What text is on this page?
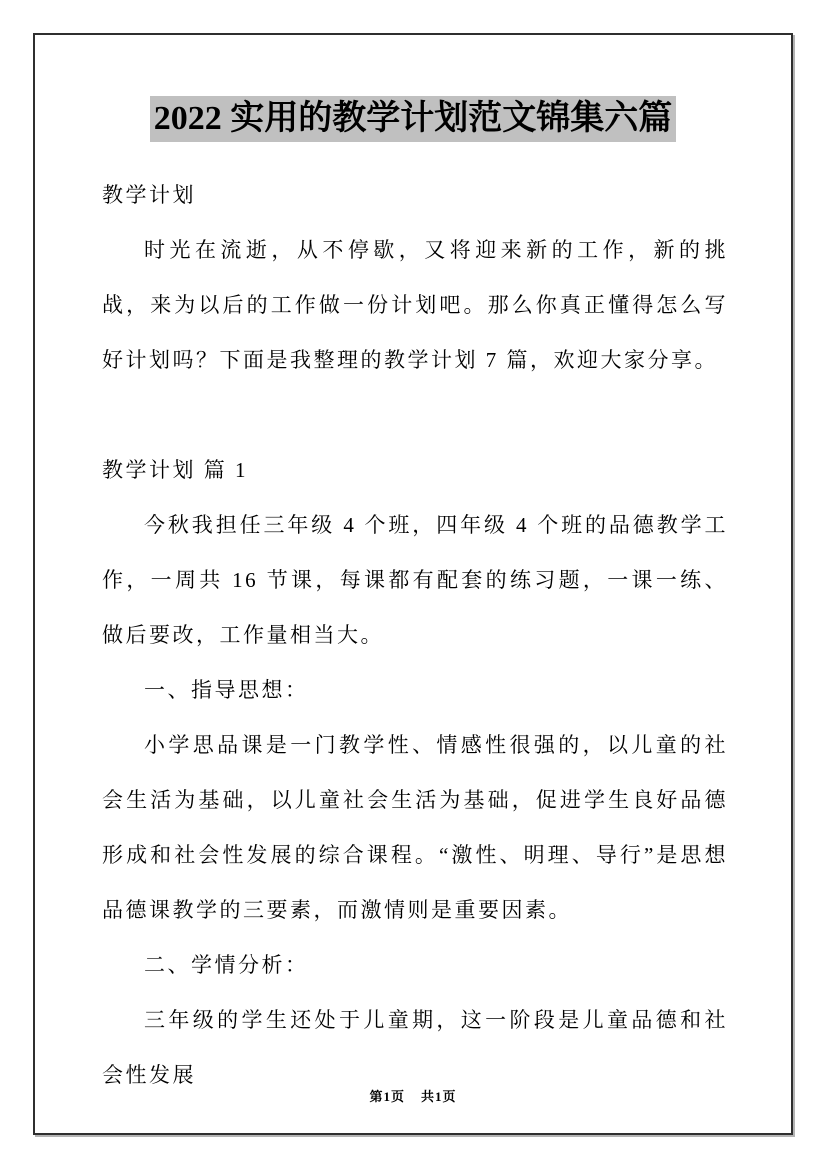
2022 实用的教学计划范文锦集六篇

教学计划

时光在流逝，从不停歇，又将迎来新的工作，新的挑战，来为以后的工作做一份计划吧。那么你真正懂得怎么写好计划吗？下面是我整理的教学计划 7 篇，欢迎大家分享。

教学计划 篇 1

今秋我担任三年级 4 个班，四年级 4 个班的品德教学工作，一周共 16 节课，每课都有配套的练习题，一课一练、做后要改，工作量相当大。

一、指导思想：

小学思品课是一门教学性、情感性很强的，以儿童的社会生活为基础，以儿童社会生活为基础，促进学生良好品德形成和社会性发展的综合课程。“激性、明理、导行”是思想品德课教学的三要素，而激情则是重要因素。

二、学情分析：

三年级的学生还处于儿童期，这一阶段是儿童品德和社会性发展

第1页 共1页
